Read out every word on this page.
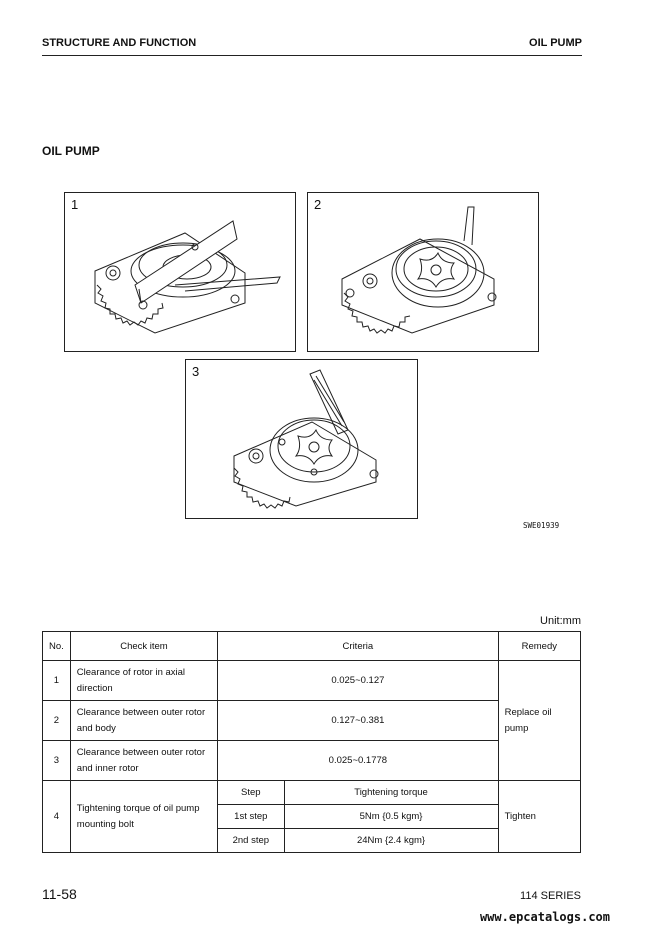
STRUCTURE AND FUNCTION	OIL PUMP
OIL PUMP
1	2
3
SWE01939
Unit:mm
No.	Check item	Criteria		Remedy
1	Clearance of rotor in axial direction	0.025~0.127		Replace oil pump
2	Clearance between outer rotor and body	0.127~0.381		
3	Clearance between outer rotor and inner rotor	0.025~0.1778		
4	Tightening torque of oil pump mounting bolt	Step	Tightening torque	Tighten
		1st step	5Nm {0.5 kgm}	
		2nd step	24Nm {2.4 kgm}	
11-58	114 SERIES
www.epcatalogs.com
